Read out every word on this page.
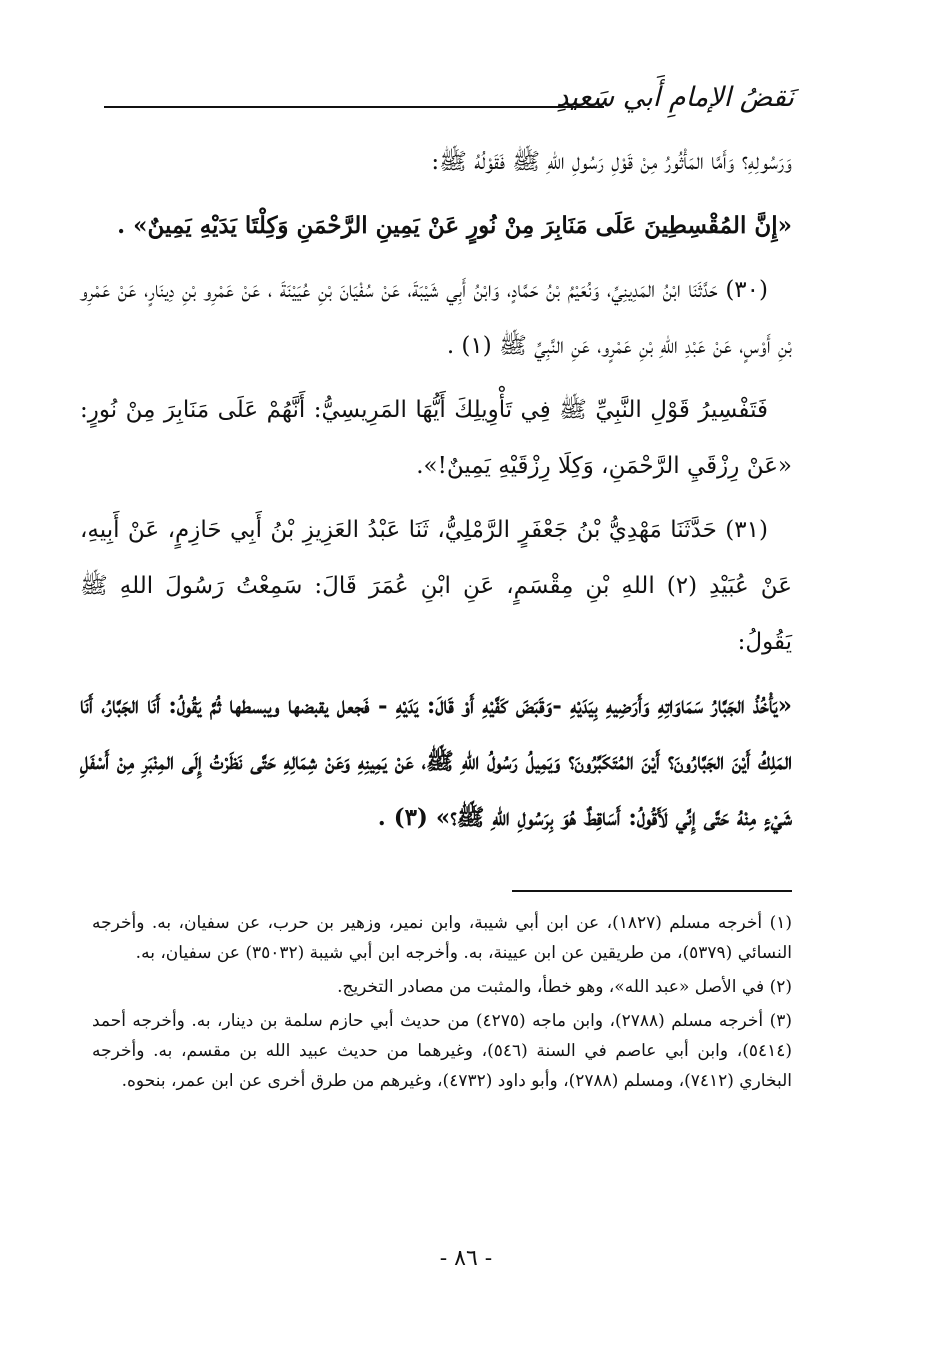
نَقضُ الإمامِ أَبي سَعيدِ

وَرَسُولِهِ؟ وَأَمَّا المَأْثُورُ مِنْ قَوْلِ رَسُولِ اللهِ ﷺ فَقَوْلُهُ ﷺ:

«إِنَّ المُقْسِطِينَ عَلَى مَنَابِرَ مِنْ نُورٍ عَنْ يَمِينِ الرَّحْمَنِ وَكِلْتَا يَدَيْهِ يَمِينٌ» .

(٣٠) حَدَّثَنَا ابْنُ المَدِينِيِّ، وَنُعَيْمُ بْنُ حَمَّادٍ، وَابْنُ أَبِي شَيْبَةَ، عَنْ سُفْيَانَ بْنِ عُيَيْنَةَ ، عَنْ عَمْرِو بْنِ دِينَارٍ، عَنْ عَمْرِو بْنِ أَوْسٍ، عَنْ عَبْدِ اللهِ بْنِ عَمْرٍو، عَنِ النَّبِيِّ ﷺ (١) .

فَتَفْسِيرُ قَوْلِ النَّبِيِّ ﷺ فِي تَأْوِيلِكَ أَيُّهَا المَرِيسِيُّ: أَنَّهُمْ عَلَى مَنَابِرَ مِنْ نُورٍ: «عَنْ رِزْقَيِ الرَّحْمَنِ، وَكِلَا رِزْقَيْهِ يَمِينٌ!».

(٣١) حَدَّثَنَا مَهْدِيُّ بْنُ جَعْفَرٍ الرَّمْلِيُّ، ثَنَا عَبْدُ العَزِيزِ بْنُ أَبِي حَازِمٍ، عَنْ أَبِيهِ، عَنْ عُبَيْدِ (٢) اللهِ بْنِ مِقْسَمٍ، عَنِ ابْنِ عُمَرَ قَالَ: سَمِعْتُ رَسُولَ اللهِ ﷺ يَقُولُ:

«يَأْخُذُ الجَبَّارُ سَمَاوَاتِهِ وَأَرَضِيهِ بِيَدَيْهِ -وَقَبَضَ كَفَّيْهِ أَوْ قَالَ: يَدَيْهِ - فَجعل يقبضها ويبسطها ثُمَّ يَقُولُ: أَنَا الجَبَّارُ، أَنَا المَلِكُ أَيْنَ الجَبَّارُونَ؟ أَيْنَ المُتَكَبِّرُونَ؟ وَيَمِيلُ رَسُولُ اللهِ ﷺ، عَنْ يَمِينِهِ وَعَنْ شِمَالِهِ حَتَّى نَظَرْتُ إِلَى المِنْبَرِ مِنْ أَسْفَلِ شَيْءٍ مِنْهُ حَتَّى إِنِّي لَأَقُولُ: أَسَاقِطٌ هُوَ بِرَسُولِ اللهِ ﷺ؟» (٣) .

(١) أخرجه مسلم (١٨٢٧)، عن ابن أبي شيبة، وابن نمير، وزهير بن حرب، عن سفيان، به. وأخرجه النسائي (٥٣٧٩)، من طريقين عن ابن عيينة، به. وأخرجه ابن أبي شيبة (٣٥٠٣٢) عن سفيان، به.

(٢) في الأصل «عبد الله»، وهو خطأ، والمثبت من مصادر التخريج.

(٣) أخرجه مسلم (٢٧٨٨)، وابن ماجه (٤٢٧٥) من حديث أبي حازم سلمة بن دينار، به. وأخرجه أحمد (٥٤١٤)، وابن أبي عاصم في السنة (٥٤٦)، وغيرهما من حديث عبيد الله بن مقسم، به. وأخرجه البخاري (٧٤١٢)، ومسلم (٢٧٨٨)، وأبو داود (٤٧٣٢)، وغيرهم من طرق أخرى عن ابن عمر، بنحوه.

- ٨٦ -
